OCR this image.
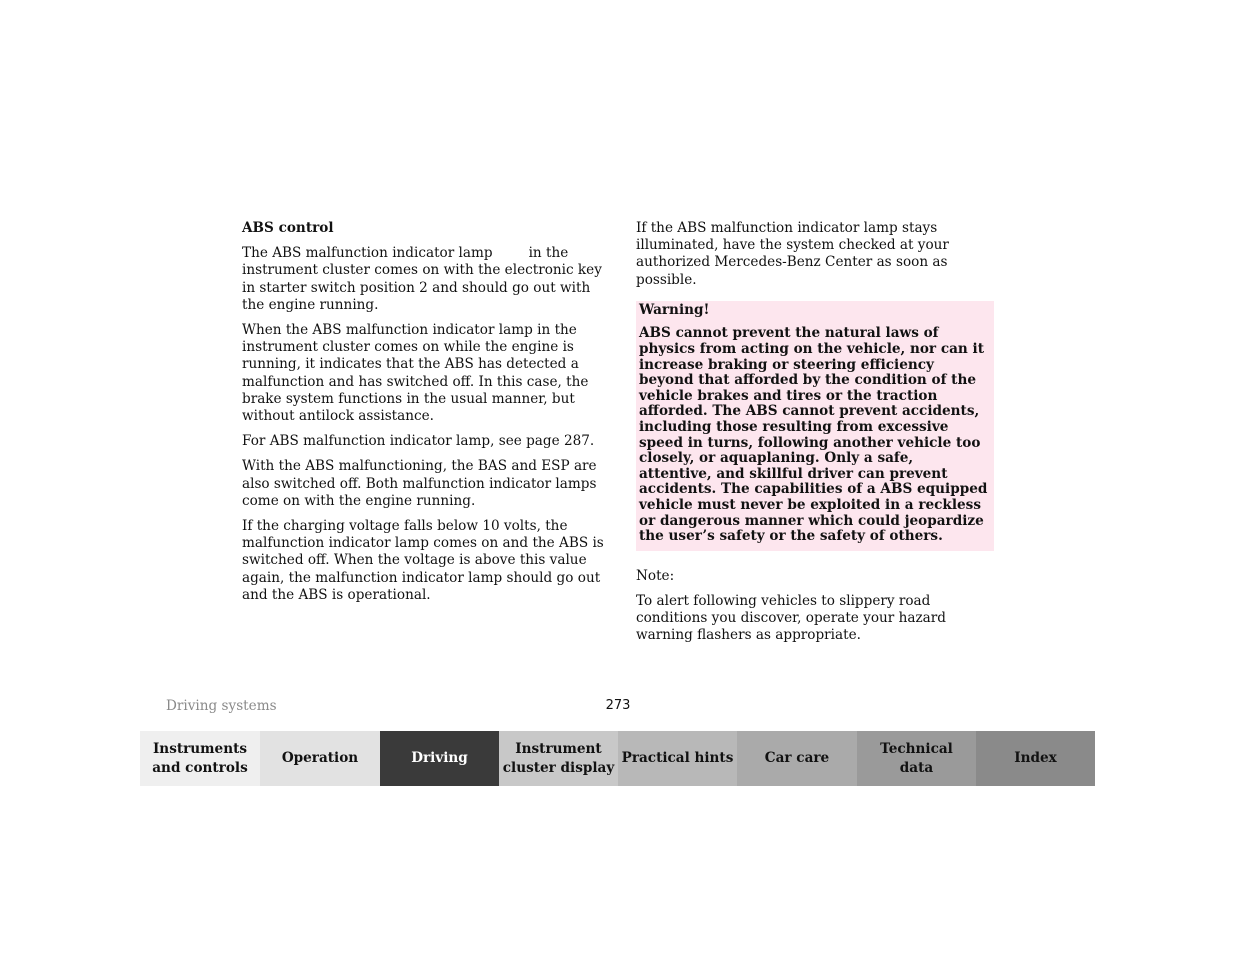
ABS control

The ABS malfunction indicator lamp	in the instrument cluster comes on with the electronic key in starter switch position 2 and should go out with the engine running.

When the ABS malfunction indicator lamp in the instrument cluster comes on while the engine is running, it indicates that the ABS has detected a malfunction and has switched off. In this case, the brake system functions in the usual manner, but without antilock assistance.

For ABS malfunction indicator lamp, see page 287.

With the ABS malfunctioning, the BAS and ESP are also switched off. Both malfunction indicator lamps come on with the engine running.

If the charging voltage falls below 10 volts, the malfunction indicator lamp comes on and the ABS is switched off. When the voltage is above this value again, the malfunction indicator lamp should go out and the ABS is operational.

If the ABS malfunction indicator lamp stays illuminated, have the system checked at your authorized Mercedes-Benz Center as soon as possible.

Warning!

ABS cannot prevent the natural laws of physics from acting on the vehicle, nor can it increase braking or steering efficiency beyond that afforded by the condition of the vehicle brakes and tires or the traction afforded. The ABS cannot prevent accidents, including those resulting from excessive speed in turns, following another vehicle too closely, or aquaplaning. Only a safe, attentive, and skillful driver can prevent accidents. The capabilities of a ABS equipped vehicle must never be exploited in a reckless or dangerous manner which could jeopardize the user’s safety or the safety of others.

Note:

To alert following vehicles to slippery road conditions you discover, operate your hazard warning flashers as appropriate.

Driving systems	273
Instruments
and controls
Operation	Driving
Instrument
cluster display
Practical hints Car care
Technical
data
Index
